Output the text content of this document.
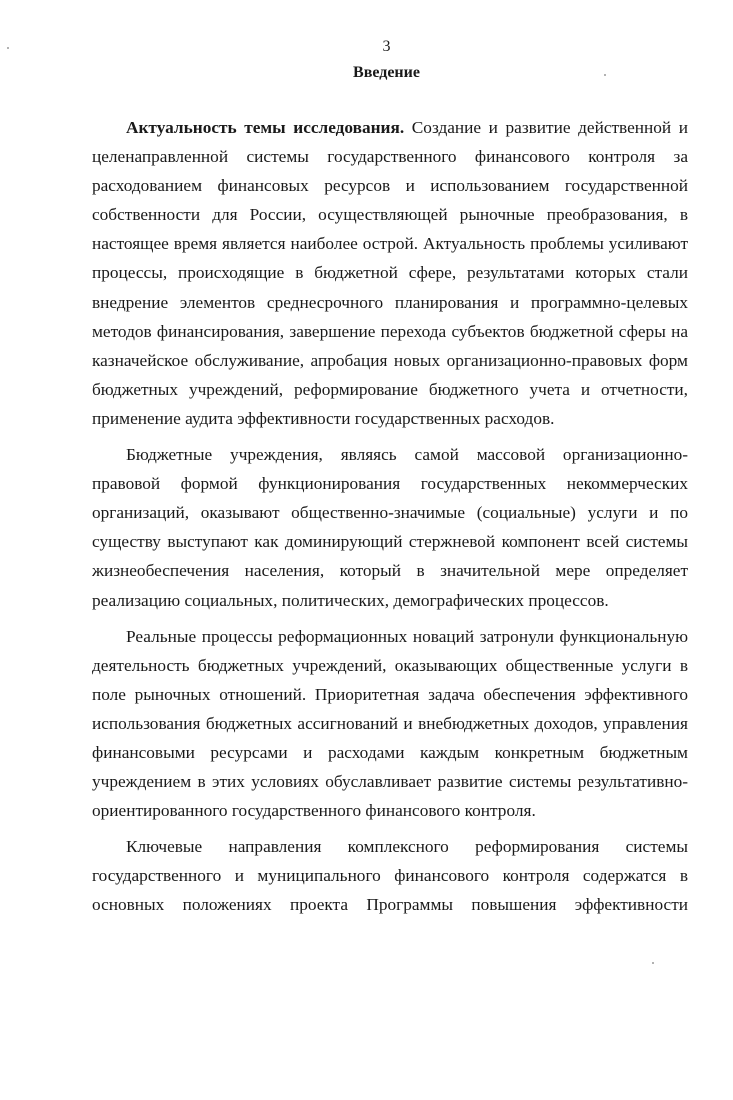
3
Введение

Актуальность темы исследования. Создание и развитие действенной и целенаправленной системы государственного финансового контроля за расходованием финансовых ресурсов и использованием государственной собственности для России, осуществляющей рыночные преобразования, в настоящее время является наиболее острой. Актуальность проблемы усиливают процессы, происходящие в бюджетной сфере, результатами которых стали внедрение элементов среднесрочного планирования и программно-целевых методов финансирования, завершение перехода субъектов бюджетной сферы на казначейское обслуживание, апробация новых организационно-правовых форм бюджетных учреждений, реформирование бюджетного учета и отчетности, применение аудита эффективности государственных расходов.

Бюджетные учреждения, являясь самой массовой организационно-правовой формой функционирования государственных некоммерческих организаций, оказывают общественно-значимые (социальные) услуги и по существу выступают как доминирующий стержневой компонент всей системы жизнеобеспечения населения, который в значительной мере определяет реализацию социальных, политических, демографических процессов.

Реальные процессы реформационных новаций затронули функциональную деятельность бюджетных учреждений, оказывающих общественные услуги в поле рыночных отношений. Приоритетная задача обеспечения эффективного использования бюджетных ассигнований и внебюджетных доходов, управления финансовыми ресурсами и расходами каждым конкретным бюджетным учреждением в этих условиях обуславливает развитие системы результативно-ориентированного государственного финансового контроля.

Ключевые направления комплексного реформирования системы государственного и муниципального финансового контроля содержатся в основных положениях проекта Программы повышения эффективности
